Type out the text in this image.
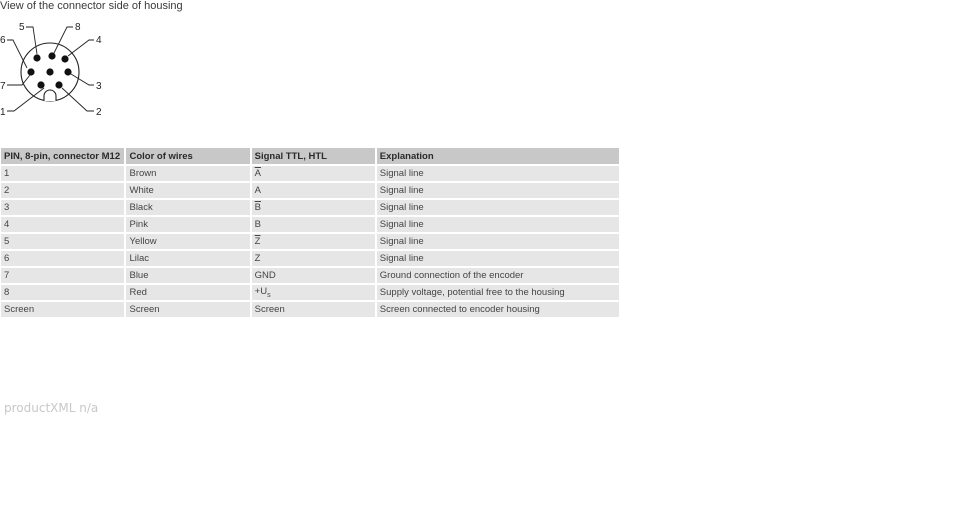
View of the connector side of housing
5	8
4
6
7	3
1	2
PIN, 8-pin, connector M12	Color of wires	Signal TTL, HTL	Explanation
1	Brown	$\overline{A}$	Signal line
2	White	A	Signal line
3	Black	$\overline{B}$	Signal line
4	Pink	B	Signal line
5	Yellow	$\overline{Z}$	Signal line
6	Lilac	Z	Signal line
7	Blue	GND	Ground connection of the encoder
8	Red	$+U_s$	Supply voltage, potential free to the housing
Screen	Screen	Screen	Screen connected to encoder housing
productXML n/a
